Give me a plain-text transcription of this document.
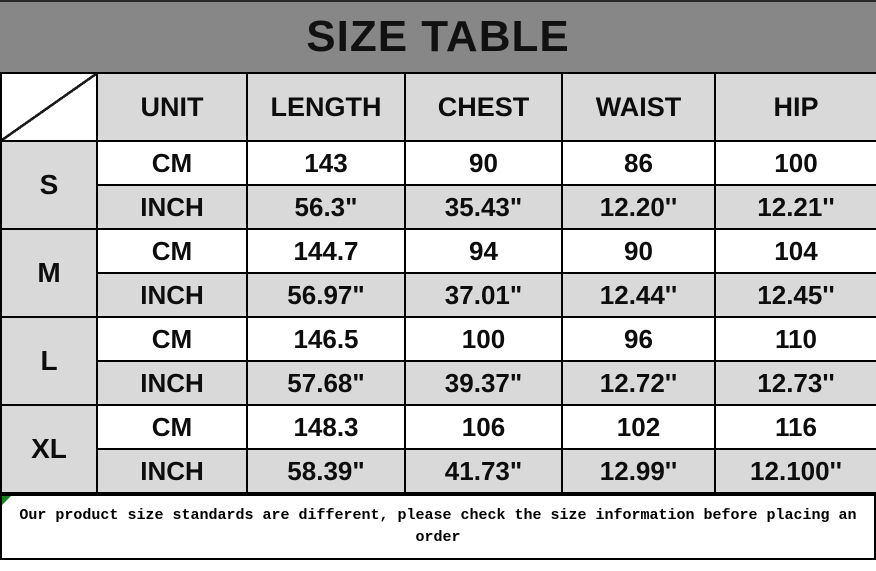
SIZE TABLE
	UNIT	LENGTH	CHEST	WAIST	HIP
S	CM	143	90	86	100
	INCH	56.3"	35.43"	12.20''	12.21''
M	CM	144.7	94	90	104
	INCH	56.97"	37.01"	12.44''	12.45''
L	CM	146.5	100	96	110
	INCH	57.68"	39.37"	12.72''	12.73''
XL	CM	148.3	106	102	116
	INCH	58.39"	41.73"	12.99''	12.100''
Our product size standards are different, please check the size information before placing an order
